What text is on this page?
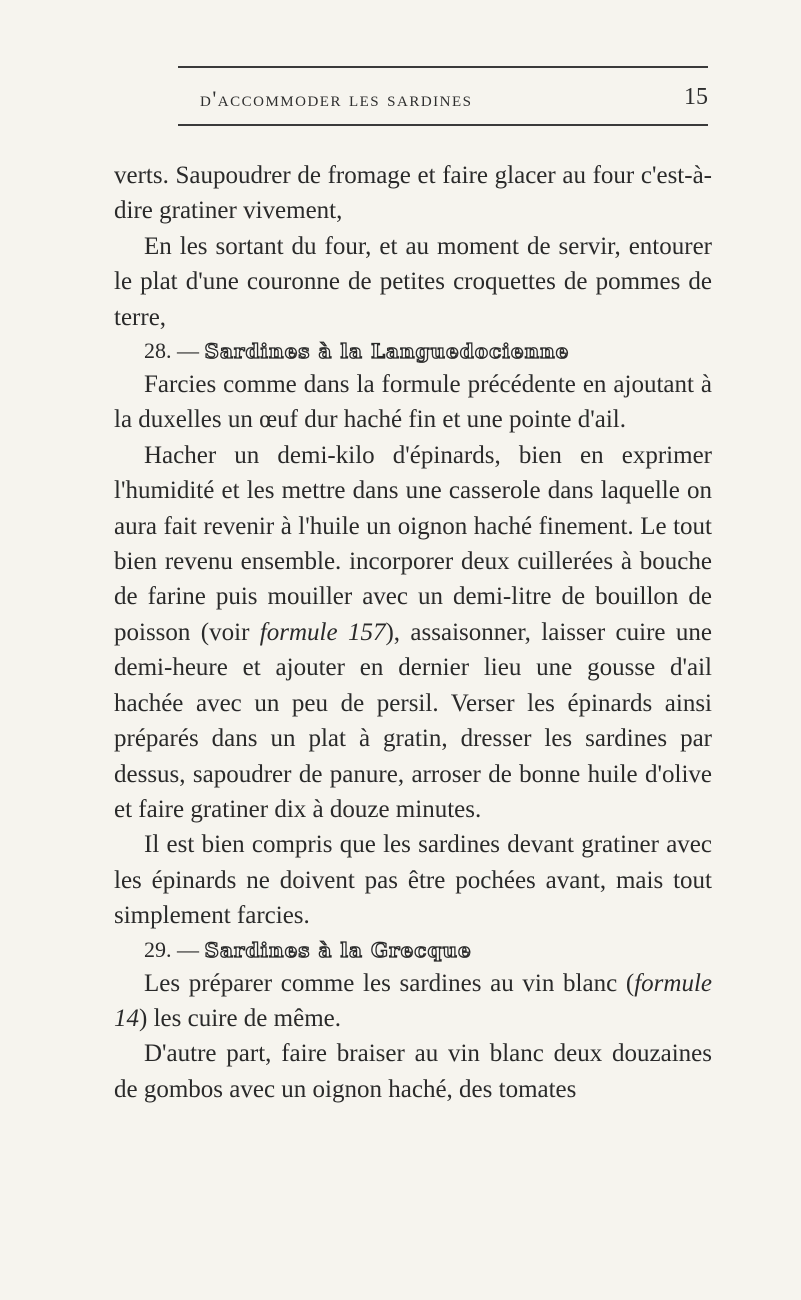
d'accommoder les sardines	15

verts. Saupoudrer de fromage et faire glacer au four c'est-à-dire gratiner vivement,

En les sortant du four, et au moment de servir, entourer le plat d'une couronne de petites croquettes de pommes de terre,

28. — Sardines à la Languedocienne

Farcies comme dans la formule précédente en ajoutant à la duxelles un œuf dur haché fin et une pointe d'ail.

Hacher un demi-kilo d'épinards, bien en exprimer l'humidité et les mettre dans une casserole dans laquelle on aura fait revenir à l'huile un oignon haché finement. Le tout bien revenu ensemble. incorporer deux cuillerées à bouche de farine puis mouiller avec un demi-litre de bouillon de poisson (voir formule 157), assaisonner, laisser cuire une demi-heure et ajouter en dernier lieu une gousse d'ail hachée avec un peu de persil. Verser les épinards ainsi préparés dans un plat à gratin, dresser les sardines par dessus, sapoudrer de panure, arroser de bonne huile d'olive et faire gratiner dix à douze minutes.

Il est bien compris que les sardines devant gratiner avec les épinards ne doivent pas être pochées avant, mais tout simplement farcies.

29. — Sardines à la Grecque

Les préparer comme les sardines au vin blanc (formule 14) les cuire de même.

D'autre part, faire braiser au vin blanc deux douzaines de gombos avec un oignon haché, des tomates
